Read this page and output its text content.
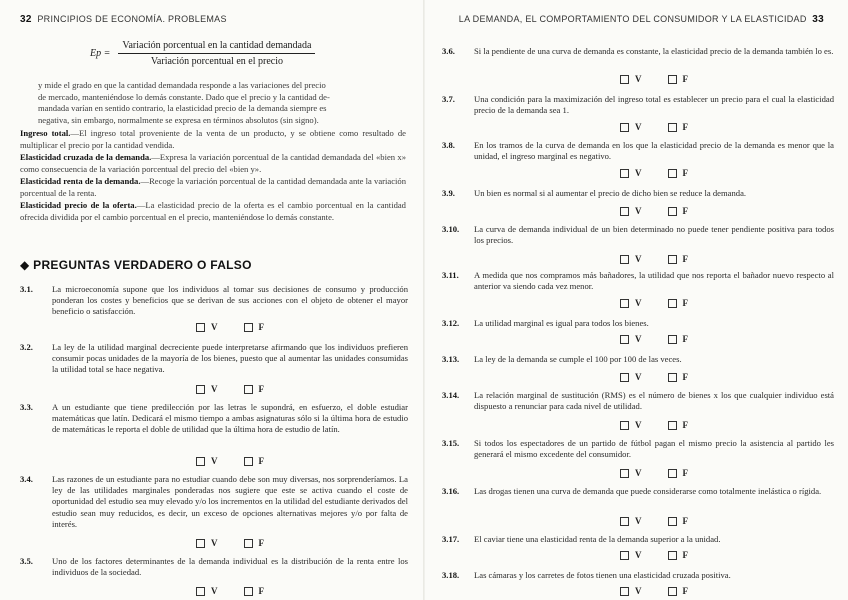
32 PRINCIPIOS DE ECONOMÍA. PROBLEMAS
$Ep = \frac{\text{Variación porcentual en la cantidad demandada}}{\text{Variación porcentual en el precio}}$
y mide el grado en que la cantidad demandada responde a las variaciones del precio
de mercado, manteniéndose lo demás constante. Dado que el precio y la cantidad de-
mandada varían en sentido contrario, la elasticidad precio de la demanda siempre es
negativa, sin embargo, normalmente se expresa en términos absolutos (sin signo).
Ingreso total.—El ingreso total proveniente de la venta de un producto, y se obtiene como resultado de multiplicar el precio por la cantidad vendida.
Elasticidad cruzada de la demanda.—Expresa la variación porcentual de la cantidad demandada del «bien x» como consecuencia de la variación porcentual del precio del «bien y».
Elasticidad renta de la demanda.—Recoge la variación porcentual de la cantidad demandada ante la variación porcentual de la renta.
Elasticidad precio de la oferta.—La elasticidad precio de la oferta es el cambio porcentual en la cantidad ofrecida dividida por el cambio porcentual en el precio, manteniéndose lo demás constante.
◆ PREGUNTAS VERDADERO O FALSO
3.1. La microeconomía supone que los individuos al tomar sus decisiones de consumo y producción ponderan los costes y beneficios que se derivan de sus acciones con el objeto de obtener el mayor beneficio o satisfacción.
V	F
3.2. La ley de la utilidad marginal decreciente puede interpretarse afirmando que los individuos prefieren consumir pocas unidades de la mayoría de los bienes, puesto que al aumentar las unidades consumidas la utilidad total se hace negativa.
V	F
3.3. A un estudiante que tiene predilección por las letras le supondrá, en esfuerzo, el doble estudiar matemáticas que latín. Dedicará el mismo tiempo a ambas asignaturas sólo si la última hora de estudio de matemáticas le reporta el doble de utilidad que la última hora de estudio de latín.
V	F
3.4. Las razones de un estudiante para no estudiar cuando debe son muy diversas, nos sorprenderíamos. La ley de las utilidades marginales ponderadas nos sugiere que este se activa cuando el coste de oportunidad del estudio sea muy elevado y/o los incrementos en la utilidad del estudiante derivados del estudio sean muy reducidos, es decir, un exceso de opciones alternativas mejores y/o por falta de interés.
V	F
3.5. Uno de los factores determinantes de la demanda individual es la distribución de la renta entre los individuos de la sociedad.
V	F
LA DEMANDA, EL COMPORTAMIENTO DEL CONSUMIDOR Y LA ELASTICIDAD 33
3.6. Si la pendiente de una curva de demanda es constante, la elasticidad precio de la demanda también lo es.
V	F
3.7. Una condición para la maximización del ingreso total es establecer un precio para el cual la elasticidad precio de la demanda sea 1.
V	F
3.8. En los tramos de la curva de demanda en los que la elasticidad precio de la demanda es menor que la unidad, el ingreso marginal es negativo.
V	F
3.9. Un bien es normal si al aumentar el precio de dicho bien se reduce la demanda.
V	F
3.10. La curva de demanda individual de un bien determinado no puede tener pendiente positiva para todos los precios.
V	F
3.11. A medida que nos compramos más bañadores, la utilidad que nos reporta el bañador nuevo respecto al anterior va siendo cada vez menor.
V	F
3.12. La utilidad marginal es igual para todos los bienes.
V	F
3.13. La ley de la demanda se cumple el 100 por 100 de las veces.
V	F
3.14. La relación marginal de sustitución (RMS) es el número de bienes x los que cualquier individuo está dispuesto a renunciar para cada nivel de utilidad.
V	F
3.15. Si todos los espectadores de un partido de fútbol pagan el mismo precio la asistencia al partido les generará el mismo excedente del consumidor.
V	F
3.16. Las drogas tienen una curva de demanda que puede considerarse como totalmente inelástica o rígida.
V	F
3.17. El caviar tiene una elasticidad renta de la demanda superior a la unidad.
V	F
3.18. Las cámaras y los carretes de fotos tienen una elasticidad cruzada positiva.
V	F
